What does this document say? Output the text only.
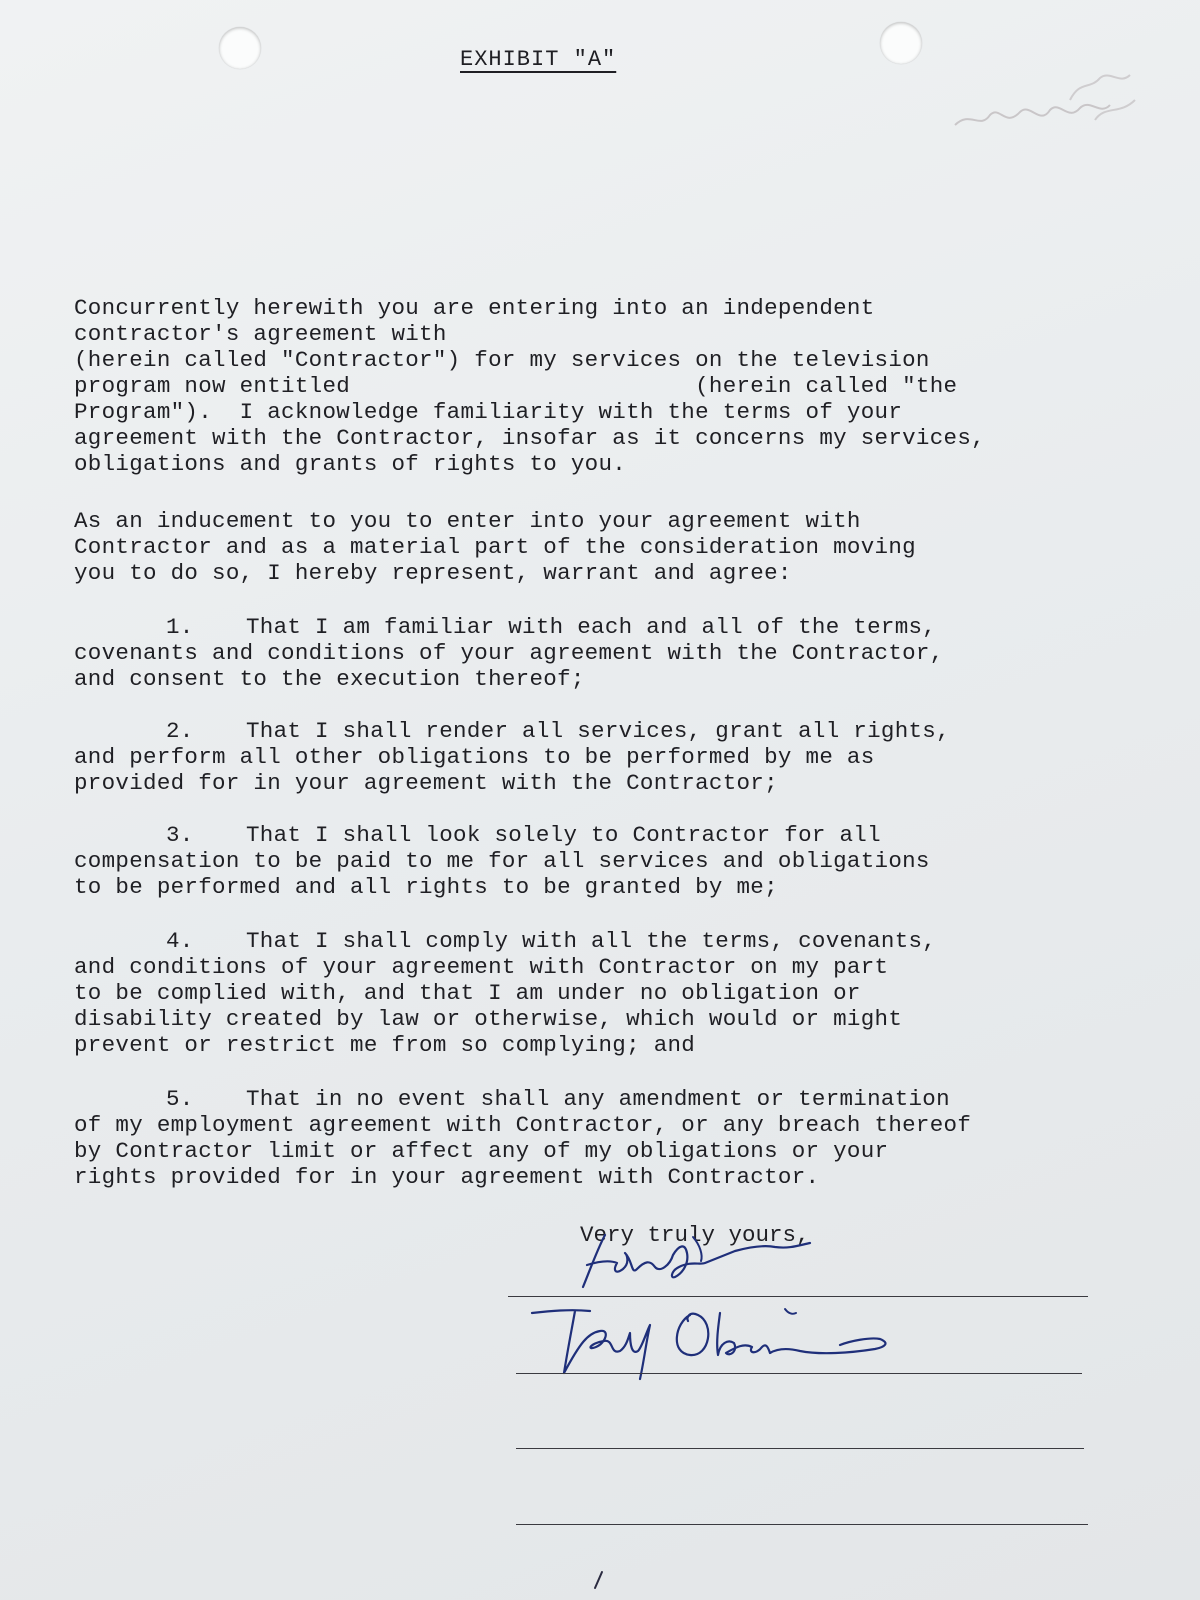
EXHIBIT "A"
Concurrently herewith you are entering into an independent
contractor's agreement with
(herein called "Contractor") for my services on the television
program now entitled                         (herein called "the
Program").  I acknowledge familiarity with the terms of your
agreement with the Contractor, insofar as it concerns my services,
obligations and grants of rights to you.
As an inducement to you to enter into your agreement with
Contractor and as a material part of the consideration moving
you to do so, I hereby represent, warrant and agree:
1. That I am familiar with each and all of the terms,
covenants and conditions of your agreement with the Contractor,
and consent to the execution thereof;
2. That I shall render all services, grant all rights,
and perform all other obligations to be performed by me as
provided for in your agreement with the Contractor;
3. That I shall look solely to Contractor for all
compensation to be paid to me for all services and obligations
to be performed and all rights to be granted by me;
4. That I shall comply with all the terms, covenants,
and conditions of your agreement with Contractor on my part
to be complied with, and that I am under no obligation or
disability created by law or otherwise, which would or might
prevent or restrict me from so complying; and
5. That in no event shall any amendment or termination
of my employment agreement with Contractor, or any breach thereof
by Contractor limit or affect any of my obligations or your
rights provided for in your agreement with Contractor.

Very truly yours,
